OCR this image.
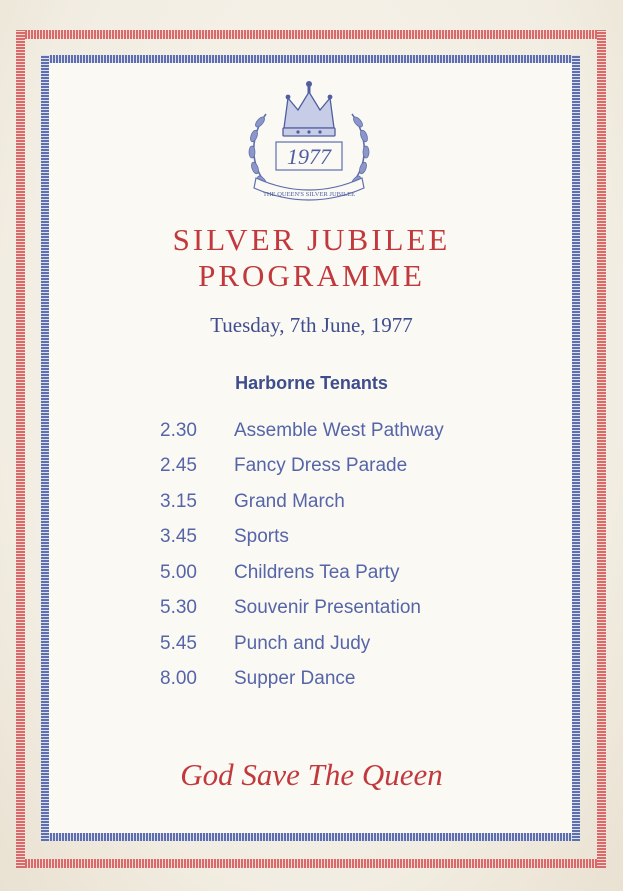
1977
THE QUEEN'S SILVER JUBILEE
SILVER JUBILEE
PROGRAMME
Tuesday, 7th June, 1977
Harborne Tenants
2.30	Assemble West Pathway
2.45	Fancy Dress Parade
3.15	Grand March
3.45	Sports
5.00	Childrens Tea Party
5.30	Souvenir Presentation
5.45	Punch and Judy
8.00	Supper Dance
God Save The Queen
